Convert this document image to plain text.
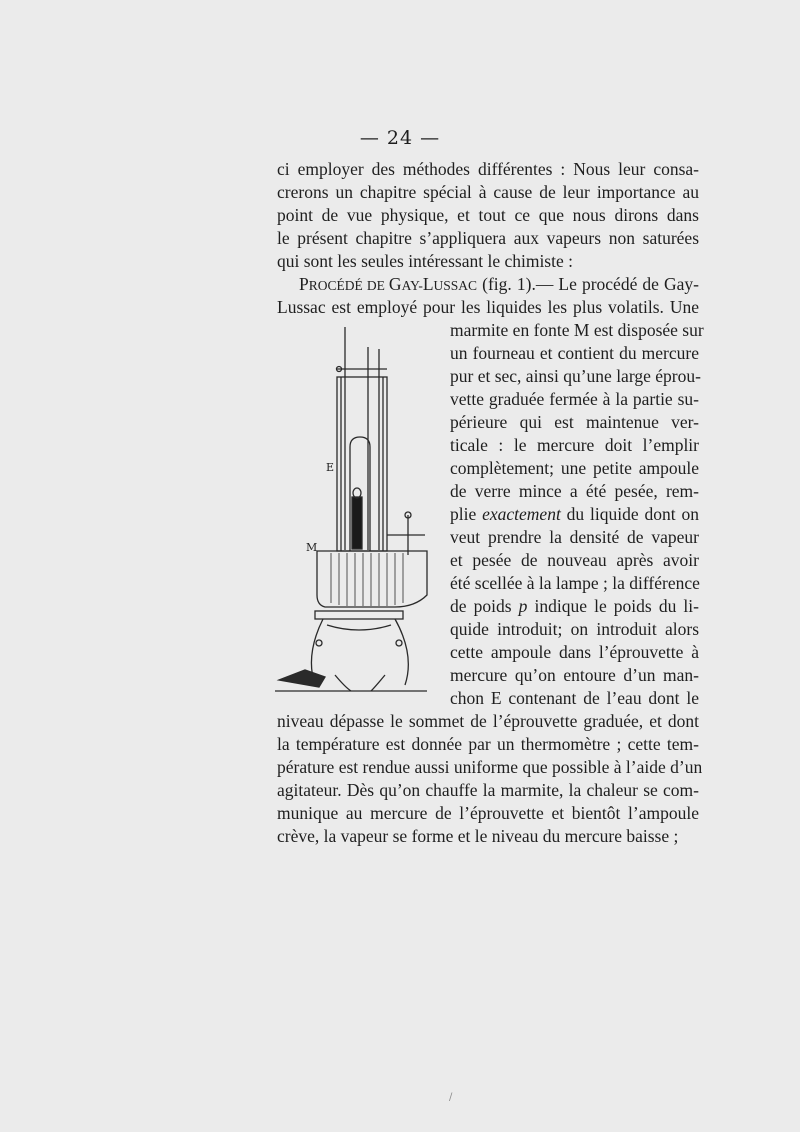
— 24 —
ci employer des méthodes différentes : Nous leur consa-
crerons un chapitre spécial à cause de leur importance au
point de vue physique, et tout ce que nous dirons dans
le présent chapitre s’appliquera aux vapeurs non saturées
qui sont les seules intéressant le chimiste :
PROCÉDÉ DE GAY-LUSSAC (fig. 1).— Le procédé de Gay-
Lussac est employé pour les liquides les plus volatils. Une
marmite en fonte M est disposée sur
un fourneau et contient du mercure
pur et sec, ainsi qu’une large éprou-
vette graduée fermée à la partie su-
périeure qui est maintenue ver-
ticale : le mercure doit l’emplir
complètement; une petite ampoule
de verre mince a été pesée, rem-
plie exactement du liquide dont on
veut prendre la densité de vapeur
et pesée de nouveau après avoir
été scellée à la lampe ; la différence
de poids p indique le poids du li-
quide introduit; on introduit alors
cette ampoule dans l’éprouvette à
mercure qu’on entoure d’un man-
chon E contenant de l’eau dont le
niveau dépasse le sommet de l’éprouvette graduée, et dont
la température est donnée par un thermomètre ; cette tem-
pérature est rendue aussi uniforme que possible à l’aide d’un
agitateur. Dès qu’on chauffe la marmite, la chaleur se com-
munique au mercure de l’éprouvette et bientôt l’ampoule
crève, la vapeur se forme et le niveau du mercure baisse ;
E
M
/
